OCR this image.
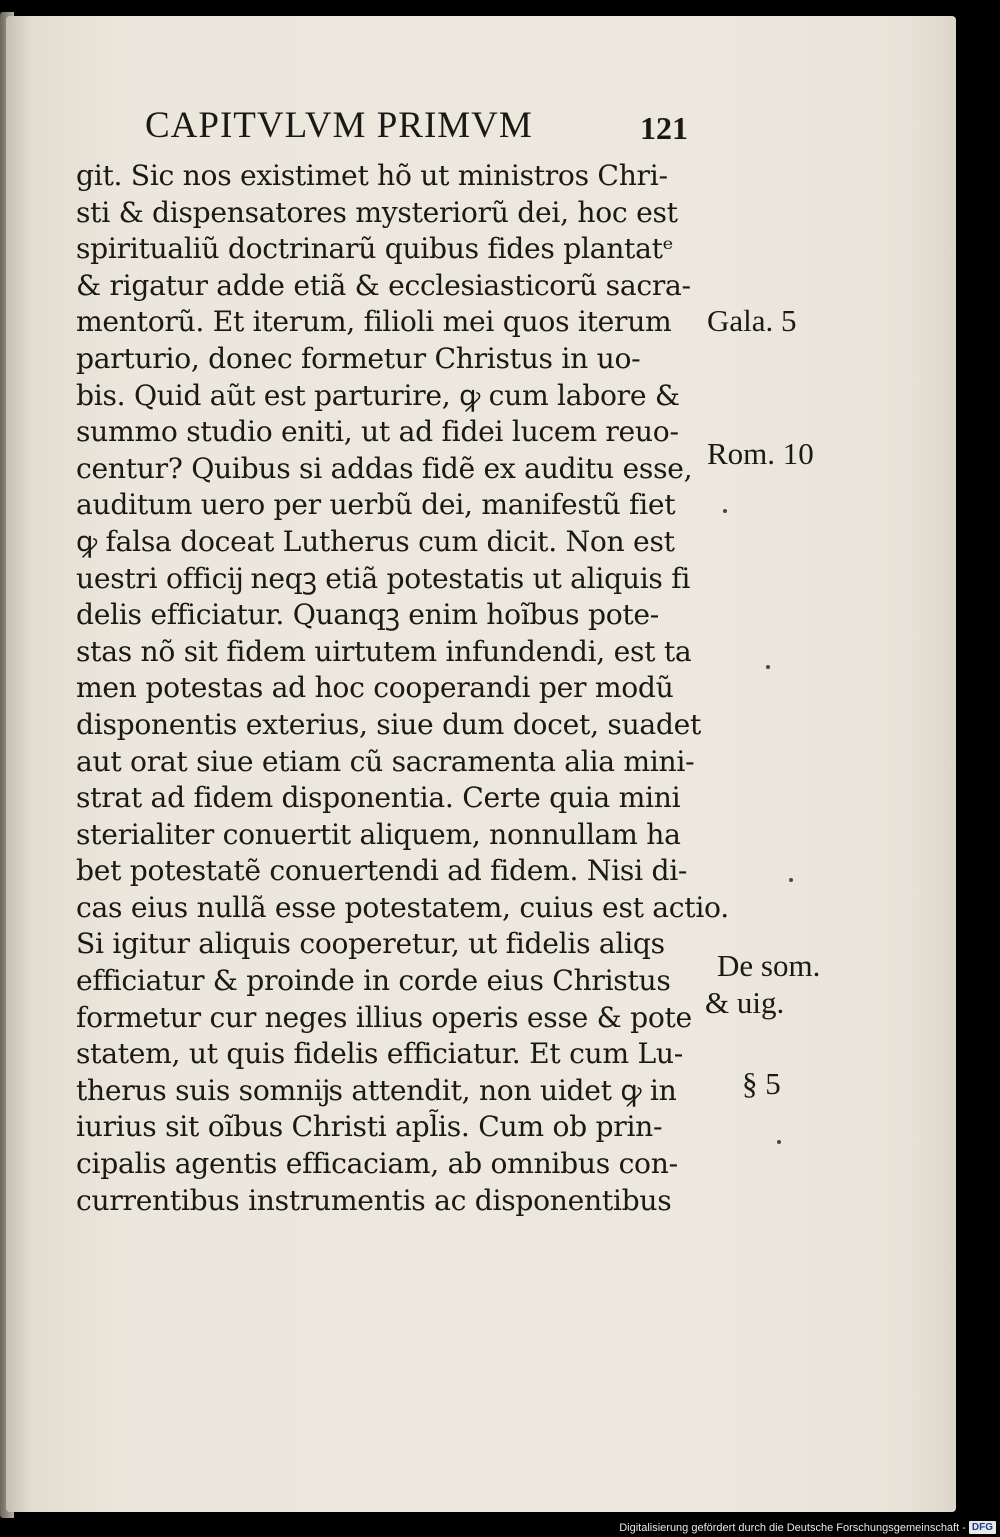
CAPITVLVM PRIMVM	121
git. Sic nos existimet hõ ut ministros Chri-
sti & dispensatores mysteriorũ dei, hoc est
spiritualiũ doctrinarũ quibus fides plantatᵉ
& rigatur adde etiã & ecclesiasticorũ sacra-
mentorũ. Et iterum, filioli mei quos iterum
parturio, donec formetur Christus in uo-
bis. Quid aũt est parturire, ꝙ cum labore &
summo studio eniti, ut ad fidei lucem reuo-
centur? Quibus si addas fidẽ ex auditu esse,
auditum uero per uerbũ dei, manifestũ fiet
ꝙ falsa doceat Lutherus cum dicit. Non est
uestri officĳ neqꝫ etiã potestatis ut aliquis fi
delis efficiatur. Quanqꝫ enim hoĩbus pote-
stas nõ sit fidem uirtutem infundendi, est ta
men potestas ad hoc cooperandi per modũ
disponentis exterius, siue dum docet, suadet
aut orat siue etiam cũ sacramenta alia mini-
strat ad fidem disponentia. Certe quia mini
sterialiter conuertit aliquem, nonnullam ha
bet potestatẽ conuertendi ad fidem. Nisi di-
cas eius nullã esse potestatem, cuius est actio.
Si igitur aliquis cooperetur, ut fidelis aliqs
efficiatur & proinde in corde eius Christus
formetur cur neges illius operis esse & pote
statem, ut quis fidelis efficiatur. Et cum Lu-
therus suis somnĳs attendit, non uidet ꝙ in
iurius sit oĩbus Christi apl̃is. Cum ob prin-
cipalis agentis efficaciam, ab omnibus con-
currentibus instrumentis ac disponentibus
Gala. 5
Rom. 10
De som.
& uig.
§ 5
Digitalisierung gefördert durch die Deutsche Forschungsgemeinschaft - DFG
